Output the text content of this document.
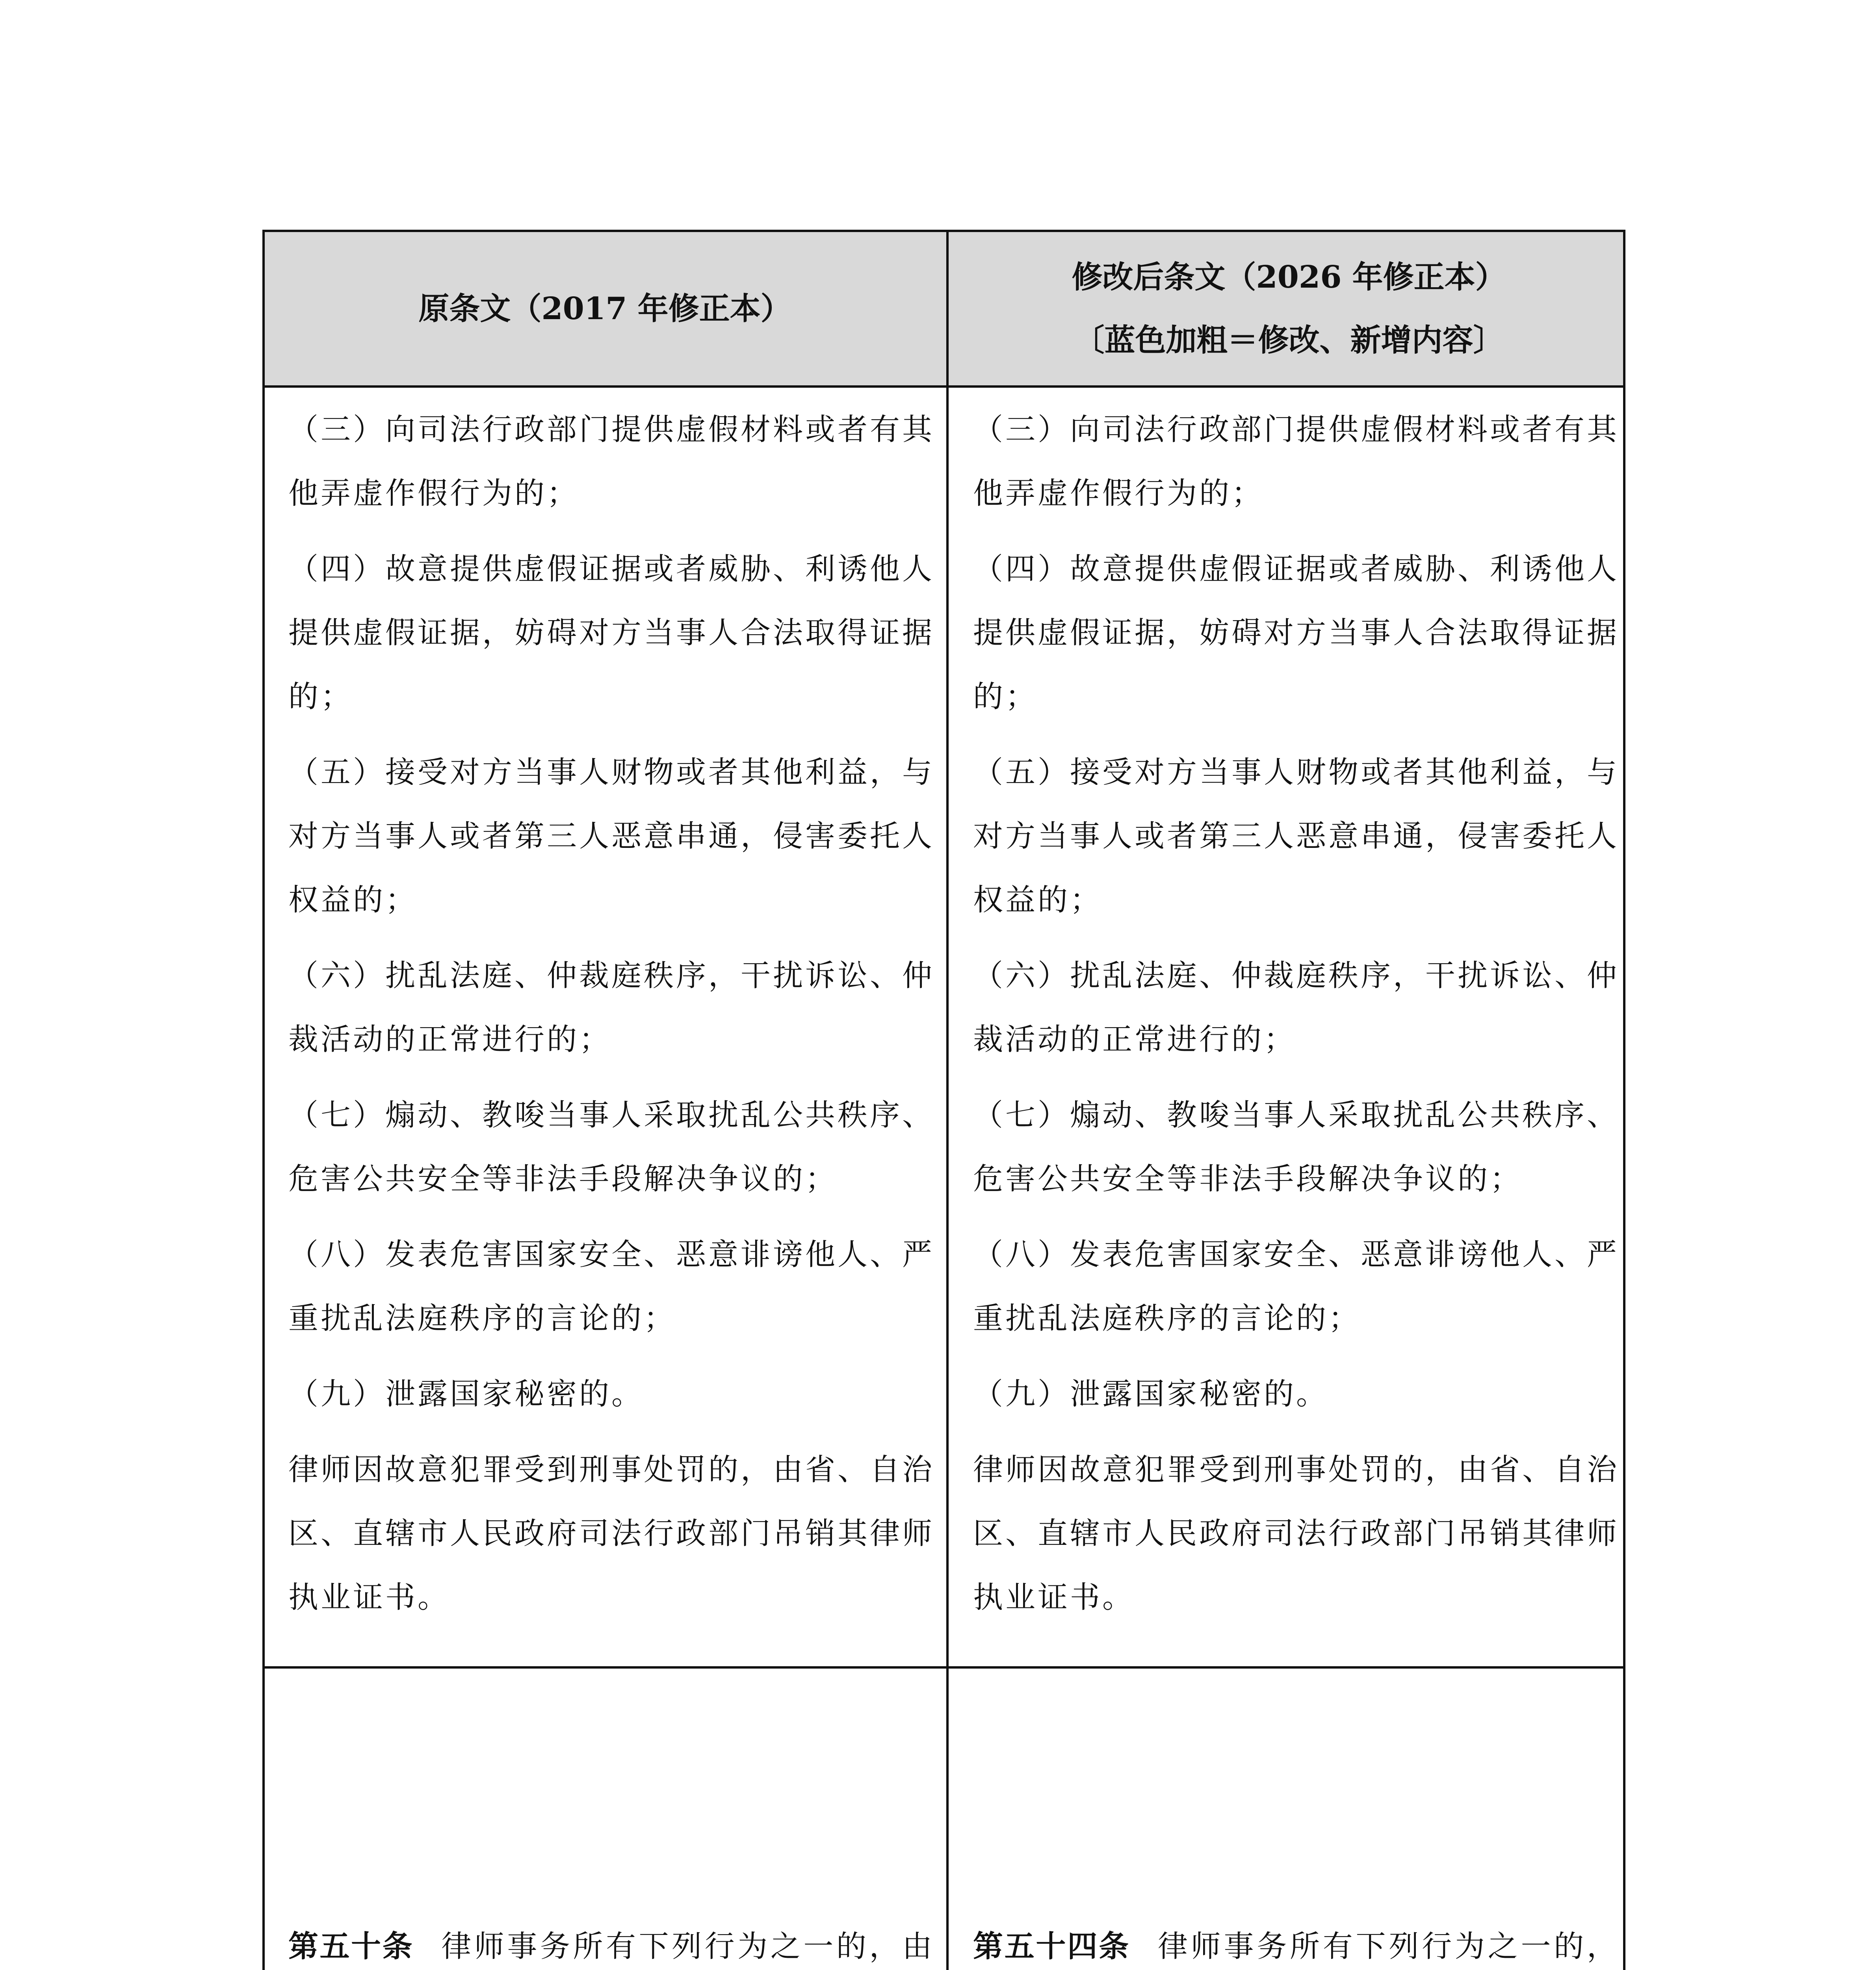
原条文（2017 年修正本）
修改后条文（2026 年修正本）
〔蓝色加粗＝修改、新增内容〕

（三）向司法行政部门提供虚假材料或者有其他弄虚作假行为的；

（四）故意提供虚假证据或者威胁、利诱他人提供虚假证据，妨碍对方当事人合法取得证据的；

（五）接受对方当事人财物或者其他利益，与对方当事人或者第三人恶意串通，侵害委托人权益的；

（六）扰乱法庭、仲裁庭秩序，干扰诉讼、仲裁活动的正常进行的；

（七）煽动、教唆当事人采取扰乱公共秩序、危害公共安全等非法手段解决争议的；

（八）发表危害国家安全、恶意诽谤他人、严重扰乱法庭秩序的言论的；

（九）泄露国家秘密的。

律师因故意犯罪受到刑事处罚的，由省、自治区、直辖市人民政府司法行政部门吊销其律师执业证书。

（三）向司法行政部门提供虚假材料或者有其他弄虚作假行为的；

（四）故意提供虚假证据或者威胁、利诱他人提供虚假证据，妨碍对方当事人合法取得证据的；

（五）接受对方当事人财物或者其他利益，与对方当事人或者第三人恶意串通，侵害委托人权益的；

（六）扰乱法庭、仲裁庭秩序，干扰诉讼、仲裁活动的正常进行的；

（七）煽动、教唆当事人采取扰乱公共秩序、危害公共安全等非法手段解决争议的；

（八）发表危害国家安全、恶意诽谤他人、严重扰乱法庭秩序的言论的；

（九）泄露国家秘密的。

律师因故意犯罪受到刑事处罚的，由省、自治区、直辖市人民政府司法行政部门吊销其律师执业证书。

第五十条 律师事务所有下列行为之一的，由 第五十四条 律师事务所有下列行为之一的，
